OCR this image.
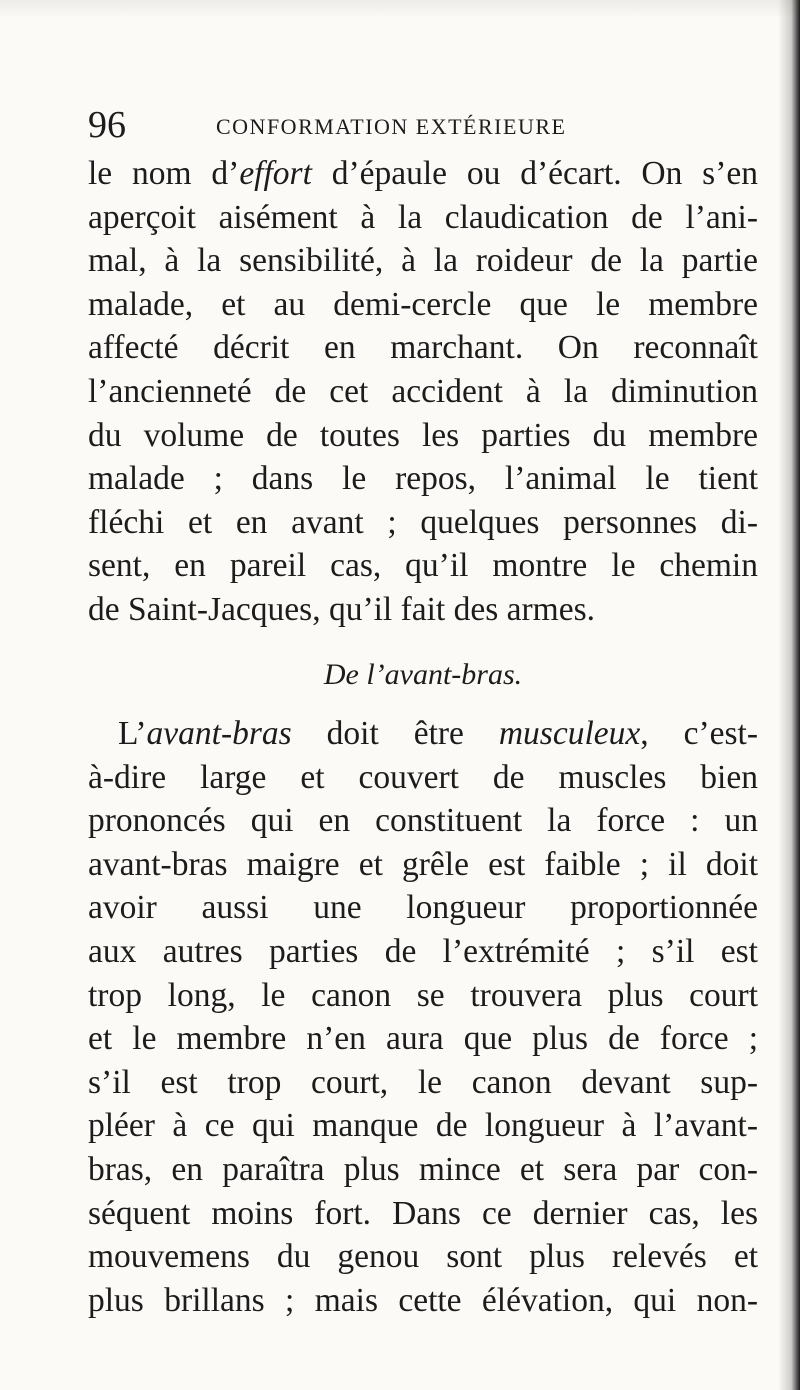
96	CONFORMATION EXTÉRIEURE
le nom d’effort d’épaule ou d’écart. On s’en
aperçoit aisément à la claudication de l’ani-
mal, à la sensibilité, à la roideur de la partie
malade, et au demi-cercle que le membre
affecté décrit en marchant. On reconnaît
l’ancienneté de cet accident à la diminution
du volume de toutes les parties du membre
malade ; dans le repos, l’animal le tient
fléchi et en avant ; quelques personnes di-
sent, en pareil cas, qu’il montre le chemin
de Saint-Jacques, qu’il fait des armes.
De l’avant-bras.
L’avant-bras doit être musculeux, c’est-
à-dire large et couvert de muscles bien
prononcés qui en constituent la force : un
avant-bras maigre et grêle est faible ; il doit
avoir aussi une longueur proportionnée
aux autres parties de l’extrémité ; s’il est
trop long, le canon se trouvera plus court
et le membre n’en aura que plus de force ;
s’il est trop court, le canon devant sup-
pléer à ce qui manque de longueur à l’avant-
bras, en paraîtra plus mince et sera par con-
séquent moins fort. Dans ce dernier cas, les
mouvemens du genou sont plus relevés et
plus brillans ; mais cette élévation, qui non-
